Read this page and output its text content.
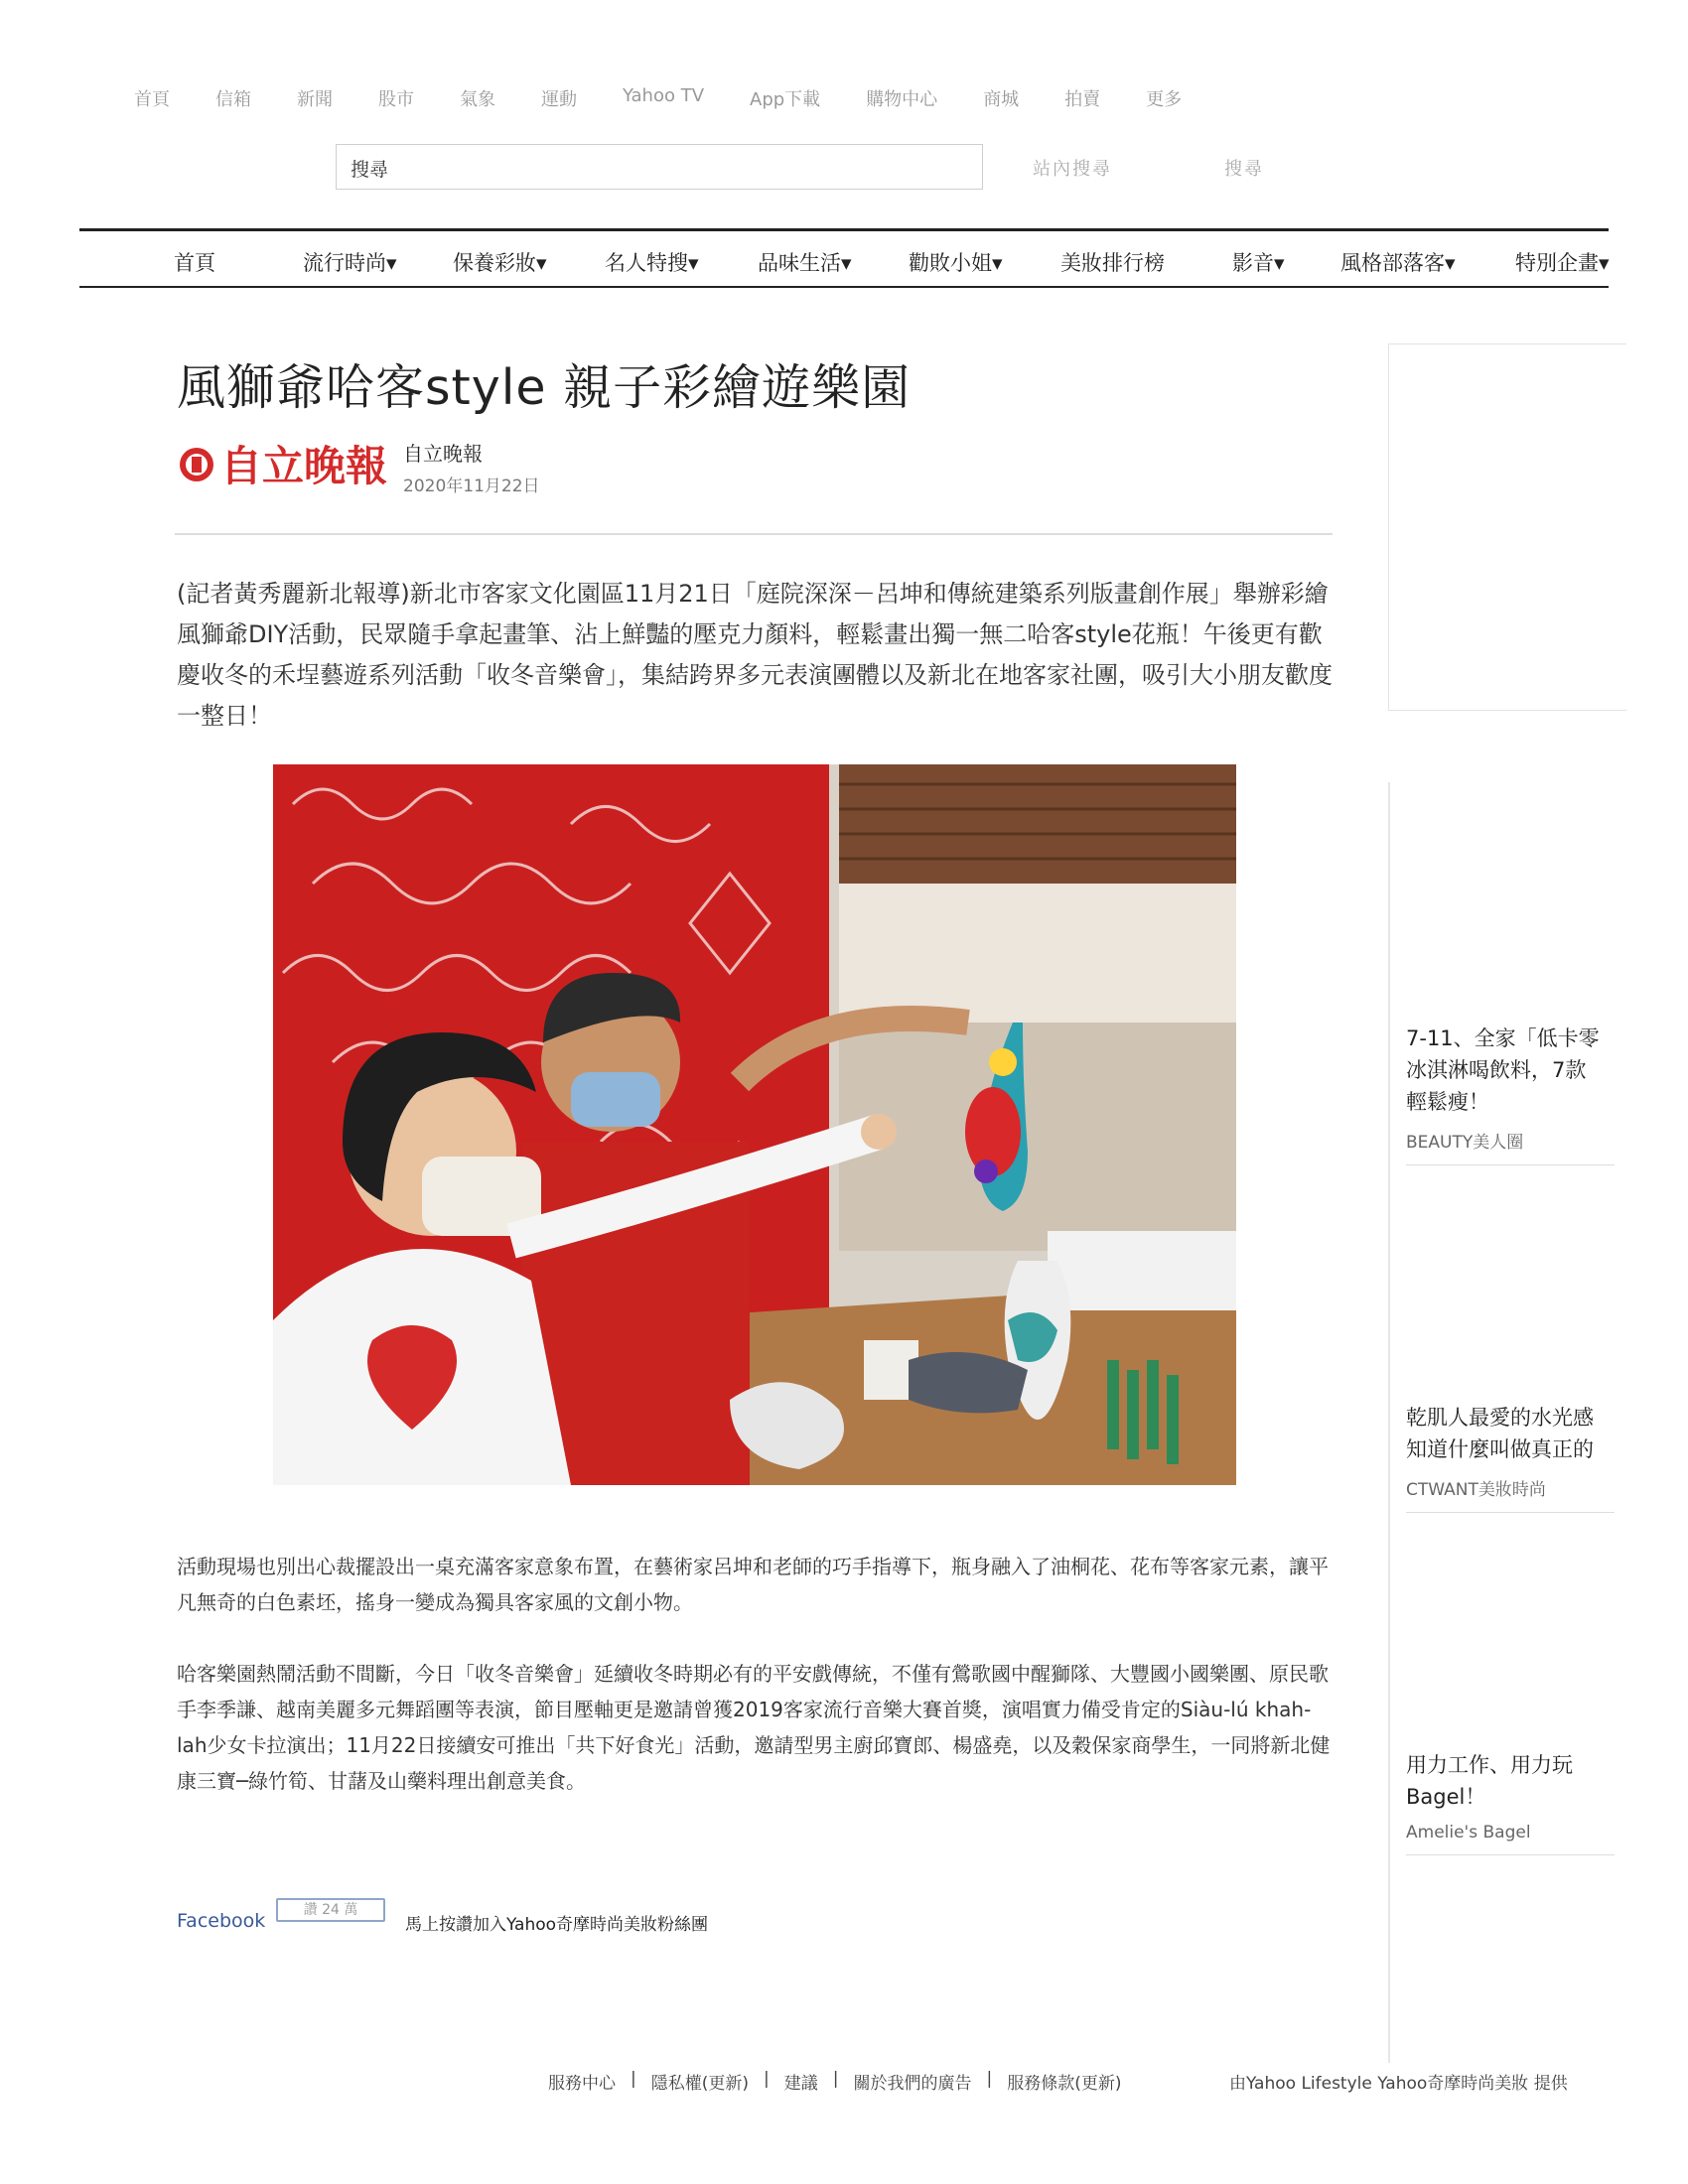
首頁	信箱	新聞	股市	氣象	運動	Yahoo TV	App下載	購物中心	商城	拍賣	更多
搜尋	站內搜尋	搜尋
首頁	流行時尚▾	保養彩妝▾	名人特搜▾	品味生活▾	勸敗小姐▾	美妝排行榜	影音▾	風格部落客▾	特別企畫▾
風獅爺哈客style 親子彩繪遊樂園
自立晚報 自立晚報
2020年11月22日

(記者黃秀麗新北報導)新北市客家文化園區11月21日「庭院深深－呂坤和傳統建築系列版畫創作展」舉辦彩繪風獅爺DIY活動，民眾隨手拿起畫筆、沾上鮮豔的壓克力顏料，輕鬆畫出獨一無二哈客style花瓶！午後更有歡慶收冬的禾埕藝遊系列活動「收冬音樂會」，集結跨界多元表演團體以及新北在地客家社團，吸引大小朋友歡度一整日！

活動現場也別出心裁擺設出一桌充滿客家意象布置，在藝術家呂坤和老師的巧手指導下，瓶身融入了油桐花、花布等客家元素，讓平凡無奇的白色素坯，搖身一變成為獨具客家風的文創小物。

哈客樂園熱鬧活動不間斷，今日「收冬音樂會」延續收冬時期必有的平安戲傳統，不僅有鶯歌國中醒獅隊、大豐國小國樂團、原民歌手李季謙、越南美麗多元舞蹈團等表演，節目壓軸更是邀請曾獲2019客家流行音樂大賽首獎，演唱實力備受肯定的Siàu-lú khah-lah少女卡拉演出；11月22日接續安可推出「共下好食光」活動，邀請型男主廚邱寶郎、楊盛堯，以及穀保家商學生，一同將新北健康三寶─綠竹筍、甘藷及山藥料理出創意美食。

Facebook	讚 24 萬
馬上按讚加入Yahoo奇摩時尚美妝粉絲團
7-11、全家「低卡零
冰淇淋喝飲料，7款
輕鬆瘦！
BEAUTY美人圈
乾肌人最愛的水光感
知道什麼叫做真正的
CTWANT美妝時尚
用力工作、用力玩
Bagel！
Amelie's Bagel
服務中心 | 隱私權(更新) | 建議 | 關於我們的廣告 | 服務條款(更新)	由Yahoo Lifestyle Yahoo奇摩時尚美妝 提供
